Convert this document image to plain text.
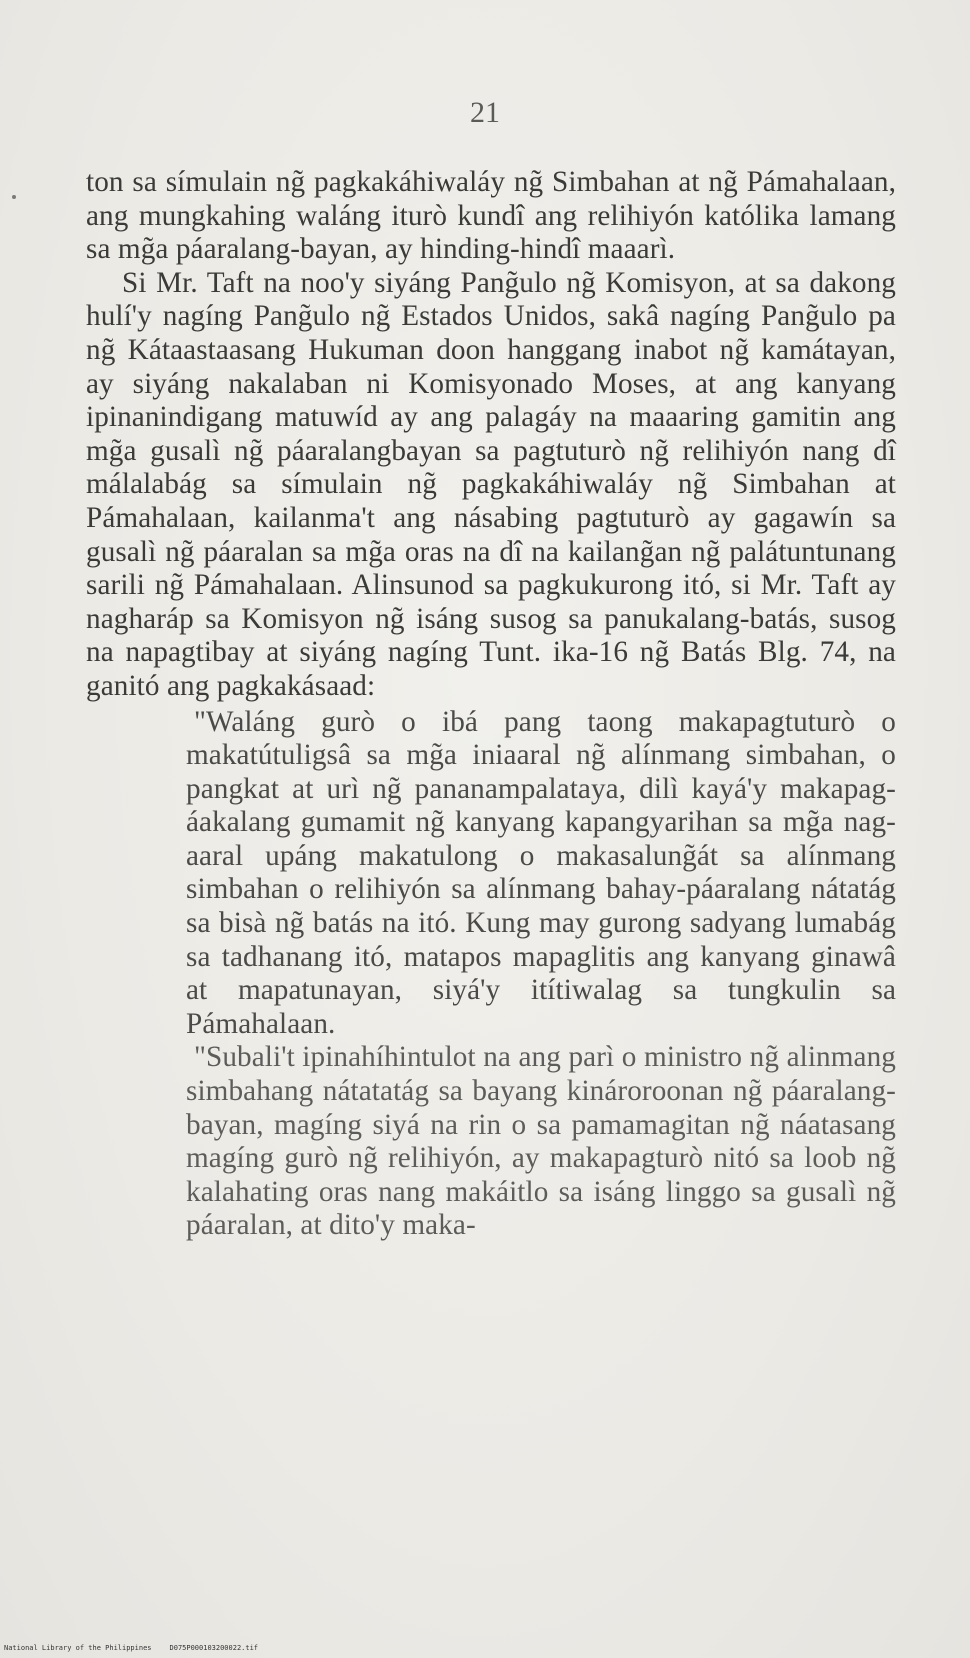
21

ton sa símulain ng̃ pagkakáhiwaláy ng̃ Simbahan at ng̃ Pámahalaan, ang mungkahing waláng iturò kundî ang relihiyón katólika lamang sa mg̃a páaralang-bayan, ay hinding-hindî maaarì.

Si Mr. Taft na noo'y siyáng Pang̃ulo ng̃ Komisyon, at sa dakong hulí'y nagíng Pang̃ulo ng̃ Estados Unidos, sakâ nagíng Pang̃ulo pa ng̃ Kátaastaasang Hukuman doon hanggang inabot ng̃ kamátayan, ay siyáng nakalaban ni Komisyonado Moses, at ang kanyang ipinanindigang matuwíd ay ang palagáy na maaaring gamitin ang mg̃a gusalì ng̃ páaralangbayan sa pagtuturò ng̃ relihiyón nang dî málalabág sa símulain ng̃ pagkakáhiwaláy ng̃ Simbahan at Pámahalaan, kailanma't ang násabing pagtuturò ay gagawín sa gusalì ng̃ páaralan sa mg̃a oras na dî na kailang̃an ng̃ palátuntunang sarili ng̃ Pámahalaan. Alinsunod sa pagkukurong itó, si Mr. Taft ay nagharáp sa Komisyon ng̃ isáng susog sa panukalang-batás, susog na napagtibay at siyáng nagíng Tunt. ika-16 ng̃ Batás Blg. 74, na ganitó ang pagkakásaad:

"Waláng gurò o ibá pang taong makapagtuturò o makatútuligsâ sa mg̃a iniaaral ng̃ alínmang simbahan, o pangkat at urì ng̃ pananampalataya, dilì kayá'y makapag-áakalang gumamit ng̃ kanyang kapangyarihan sa mg̃a nag-aaral upáng makatulong o makasalung̃át sa alínmang simbahan o relihiyón sa alínmang bahay-páaralang nátatág sa bisà ng̃ batás na itó. Kung may gurong sadyang lumabág sa tadhanang itó, matapos mapaglitis ang kanyang ginawâ at mapatunayan, siyá'y itítiwalag sa tungkulin sa Pámahalaan.

"Subali't ipinahíhintulot na ang parì o ministro ng̃ alinmang simbahang nátatatág sa bayang kinároroonan ng̃ páaralang-bayan, magíng siyá na rin o sa pamamagitan ng̃ náatasang magíng gurò ng̃ relihiyón, ay makapagturò nitó sa loob ng̃ kalahating oras nang makáitlo sa isáng linggo sa gusalì ng̃ páaralan, at dito'y maka-

National Library of the Philippines	D075P000103200022.tif
